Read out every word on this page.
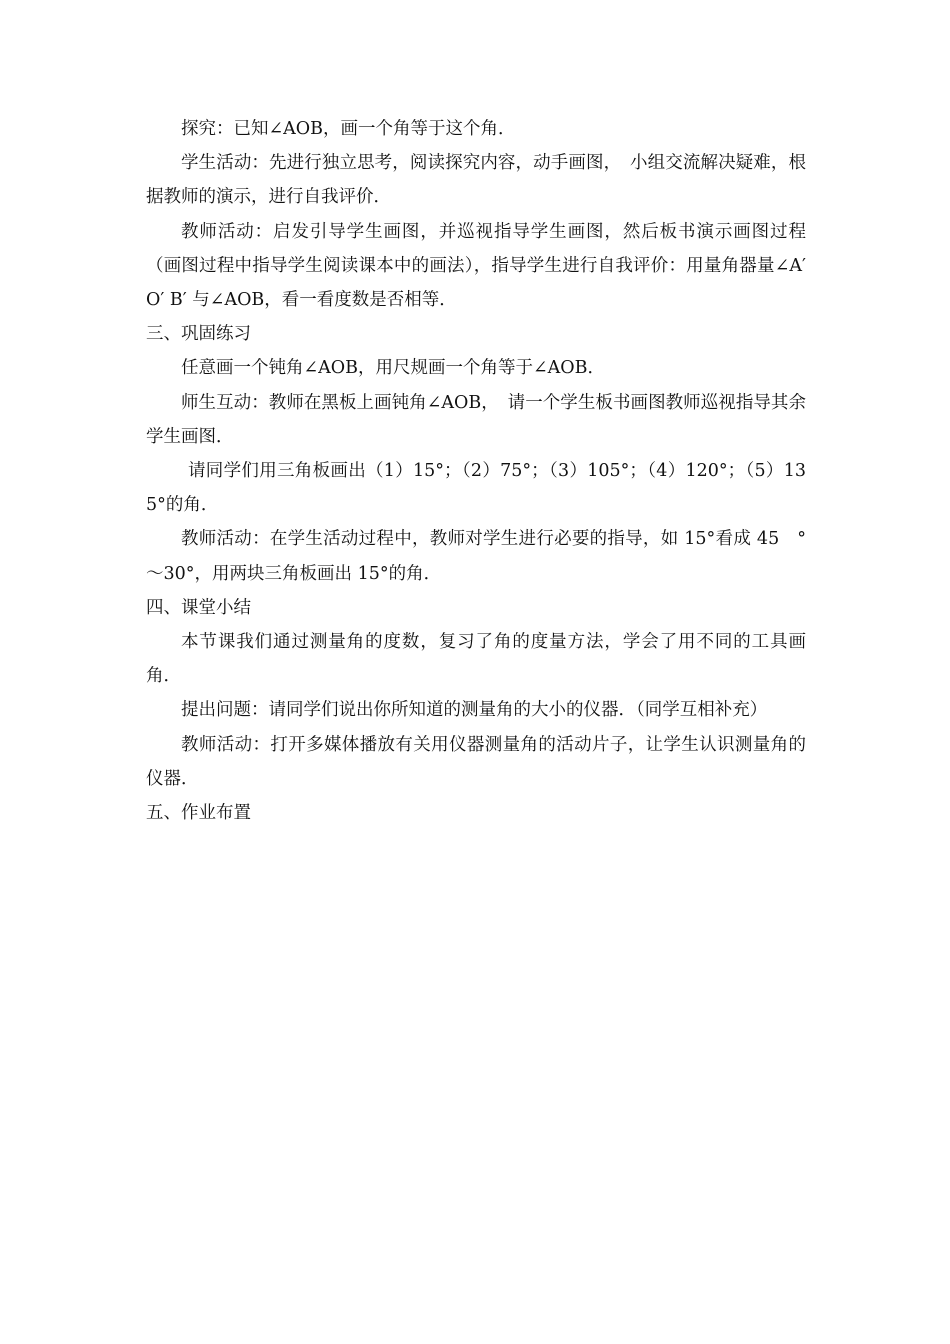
探究：已知∠AOB，画一个角等于这个角．

学生活动：先进行独立思考，阅读探究内容，动手画图，　小组交流解决疑难，根据教师的演示，进行自我评价．

教师活动：启发引导学生画图，并巡视指导学生画图，然后板书演示画图过程（画图过程中指导学生阅读课本中的画法），指导学生进行自我评价：用量角器量∠A′ O′ B′ 与∠AOB，看一看度数是否相等．

三、巩固练习

任意画一个钝角∠AOB，用尺规画一个角等于∠AOB．

师生互动：教师在黑板上画钝角∠AOB，　请一个学生板书画图教师巡视指导其余学生画图．

请同学们用三角板画出（1）15°；（2）75°；（3）105°；（4）120°；（5）135°的角．

教师活动：在学生活动过程中，教师对学生进行必要的指导，如 15°看成 45　°～30°，用两块三角板画出 15°的角．

四、课堂小结

本节课我们通过测量角的度数，复习了角的度量方法，学会了用不同的工具画角．

提出问题：请同学们说出你所知道的测量角的大小的仪器．（同学互相补充）

教师活动：打开多媒体播放有关用仪器测量角的活动片子，让学生认识测量角的仪器．

五、作业布置
